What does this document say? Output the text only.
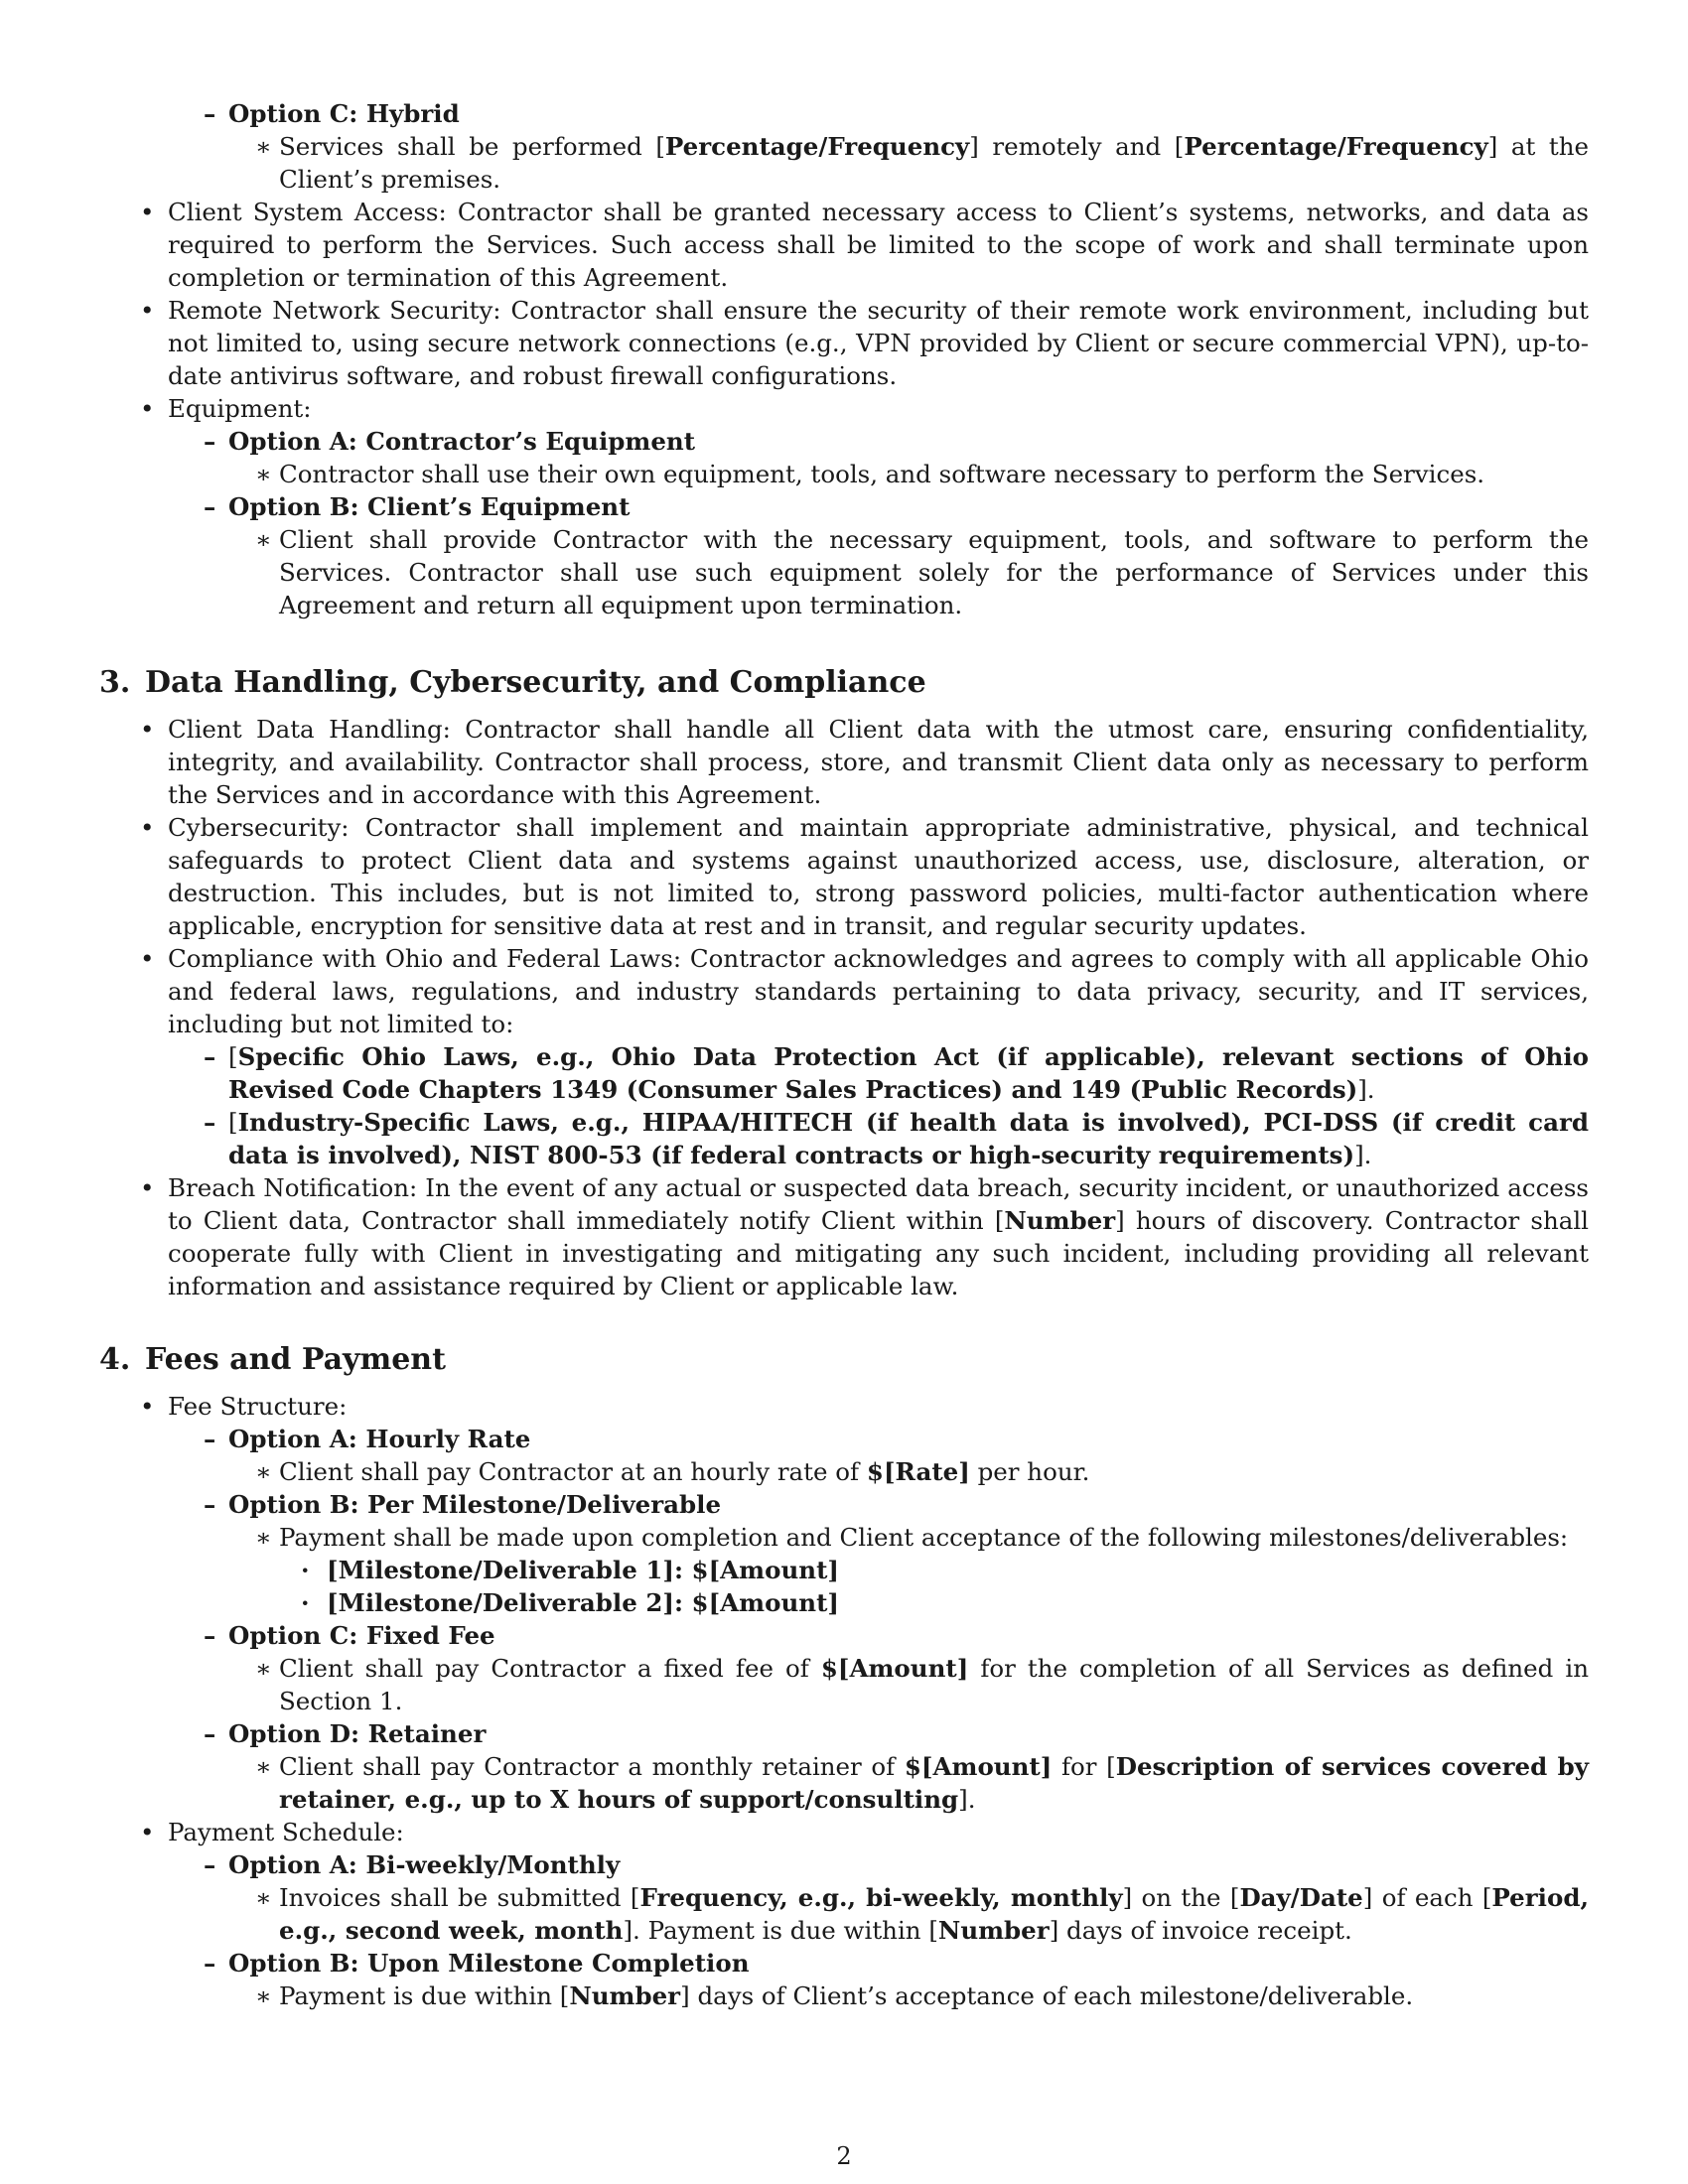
– Option C: Hybrid
∗ Services shall be performed [Percentage/Frequency] remotely and [Percentage/Frequency] at the Client’s premises.
• Client System Access: Contractor shall be granted necessary access to Client’s systems, networks, and data as required to perform the Services. Such access shall be limited to the scope of work and shall terminate upon completion or termination of this Agreement.
• Remote Network Security: Contractor shall ensure the security of their remote work environment, including but not limited to, using secure network connections (e.g., VPN provided by Client or secure commercial VPN), up-to-date antivirus software, and robust firewall configurations.
• Equipment:
– Option A: Contractor’s Equipment
∗ Contractor shall use their own equipment, tools, and software necessary to perform the Services.
– Option B: Client’s Equipment
∗ Client shall provide Contractor with the necessary equipment, tools, and software to perform the Services. Contractor shall use such equipment solely for the performance of Services under this Agreement and return all equipment upon termination.
3. Data Handling, Cybersecurity, and Compliance
• Client Data Handling: Contractor shall handle all Client data with the utmost care, ensuring confidentiality, integrity, and availability. Contractor shall process, store, and transmit Client data only as necessary to perform the Services and in accordance with this Agreement.
• Cybersecurity: Contractor shall implement and maintain appropriate administrative, physical, and technical safeguards to protect Client data and systems against unauthorized access, use, disclosure, alteration, or destruction. This includes, but is not limited to, strong password policies, multi-factor authentication where applicable, encryption for sensitive data at rest and in transit, and regular security updates.
• Compliance with Ohio and Federal Laws: Contractor acknowledges and agrees to comply with all applicable Ohio and federal laws, regulations, and industry standards pertaining to data privacy, security, and IT services, including but not limited to:
– [Specific Ohio Laws, e.g., Ohio Data Protection Act (if applicable), relevant sections of Ohio Revised Code Chapters 1349 (Consumer Sales Practices) and 149 (Public Records)].
– [Industry-Specific Laws, e.g., HIPAA/HITECH (if health data is involved), PCI-DSS (if credit card data is involved), NIST 800-53 (if federal contracts or high-security requirements)].
• Breach Notification: In the event of any actual or suspected data breach, security incident, or unauthorized access to Client data, Contractor shall immediately notify Client within [Number] hours of discovery. Contractor shall cooperate fully with Client in investigating and mitigating any such incident, including providing all relevant information and assistance required by Client or applicable law.
4. Fees and Payment
• Fee Structure:
– Option A: Hourly Rate
∗ Client shall pay Contractor at an hourly rate of $[Rate] per hour.
– Option B: Per Milestone/Deliverable
∗ Payment shall be made upon completion and Client acceptance of the following milestones/deliverables:
· [Milestone/Deliverable 1]: $[Amount]
· [Milestone/Deliverable 2]: $[Amount]
– Option C: Fixed Fee
∗ Client shall pay Contractor a fixed fee of $[Amount] for the completion of all Services as defined in Section 1.
– Option D: Retainer
∗ Client shall pay Contractor a monthly retainer of $[Amount] for [Description of services covered by retainer, e.g., up to X hours of support/consulting].
• Payment Schedule:
– Option A: Bi-weekly/Monthly
∗ Invoices shall be submitted [Frequency, e.g., bi-weekly, monthly] on the [Day/Date] of each [Period, e.g., second week, month]. Payment is due within [Number] days of invoice receipt.
– Option B: Upon Milestone Completion
∗ Payment is due within [Number] days of Client’s acceptance of each milestone/deliverable.
2
